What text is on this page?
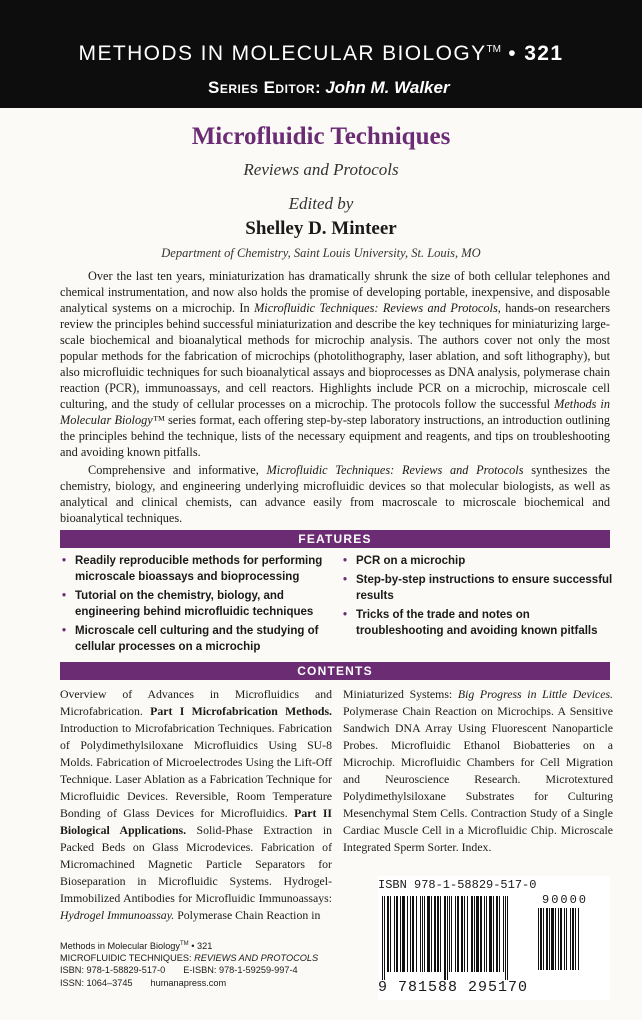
METHODS IN MOLECULAR BIOLOGY™ • 321
Series Editor: John M. Walker
Microfluidic Techniques
Reviews and Protocols
Edited by
Shelley D. Minteer
Department of Chemistry, Saint Louis University, St. Louis, MO

Over the last ten years, miniaturization has dramatically shrunk the size of both cellular telephones and chemical instrumentation, and now also holds the promise of developing portable, inexpensive, and disposable analytical systems on a microchip. In Microfluidic Techniques: Reviews and Protocols, hands-on researchers review the principles behind successful miniaturization and describe the key techniques for miniaturizing large-scale biochemical and bioanalytical methods for microchip analysis. The authors cover not only the most popular methods for the fabrication of microchips (photolithography, laser ablation, and soft lithography), but also microfluidic techniques for such bioanalytical assays and bioprocesses as DNA analysis, polymerase chain reaction (PCR), immunoassays, and cell reactors. Highlights include PCR on a microchip, microscale cell culturing, and the study of cellular processes on a microchip. The protocols follow the successful Methods in Molecular Biology™ series format, each offering step-by-step laboratory instructions, an introduction outlining the principles behind the technique, lists of the necessary equipment and reagents, and tips on troubleshooting and avoiding known pitfalls.

Comprehensive and informative, Microfluidic Techniques: Reviews and Protocols synthesizes the chemistry, biology, and engineering underlying microfluidic devices so that molecular biologists, as well as analytical and clinical chemists, can advance easily from macroscale to microscale biochemical and bioanalytical techniques.

FEATURES
• Readily reproducible methods for performing microscale bioassays and bioprocessing
• Tutorial on the chemistry, biology, and engineering behind microfluidic techniques
• Microscale cell culturing and the studying of cellular processes on a microchip
• PCR on a microchip
• Step-by-step instructions to ensure successful results
• Tricks of the trade and notes on troubleshooting and avoiding known pitfalls
CONTENTS
Overview of Advances in Microfluidics and Microfabrication. Part I Microfabrication Methods. Introduction to Microfabrication Techniques. Fabrication of Polydimethylsiloxane Microfluidics Using SU-8 Molds. Fabrication of Microelectrodes Using the Lift-Off Technique. Laser Ablation as a Fabrication Technique for Microfluidic Devices. Reversible, Room Temperature Bonding of Glass Devices for Microfluidics. Part II Biological Applications. Solid-Phase Extraction in Packed Beds on Glass Microdevices. Fabrication of Micromachined Magnetic Particle Separators for Bioseparation in Microfluidic Systems. Hydrogel-Immobilized Antibodies for Microfluidic Immunoassays: Hydrogel Immunoassay. Polymerase Chain Reaction in
Miniaturized Systems: Big Progress in Little Devices. Polymerase Chain Reaction on Microchips. A Sensitive Sandwich DNA Array Using Fluorescent Nanoparticle Probes. Microfluidic Ethanol Biobatteries on a Microchip. Microfluidic Chambers for Cell Migration and Neuroscience Research. Microtextured Polydimethylsiloxane Substrates for Culturing Mesenchymal Stem Cells. Contraction Study of a Single Cardiac Muscle Cell in a Microfluidic Chip. Microscale Integrated Sperm Sorter. Index.
ISBN 978-1-58829-517-0
90000
9 781588 295170
Methods in Molecular Biology™ • 321
MICROFLUIDIC TECHNIQUES: REVIEWS AND PROTOCOLS
ISBN: 978-1-58829-517-0 E-ISBN: 978-1-59259-997-4
ISSN: 1064–3745 humanapress.com
